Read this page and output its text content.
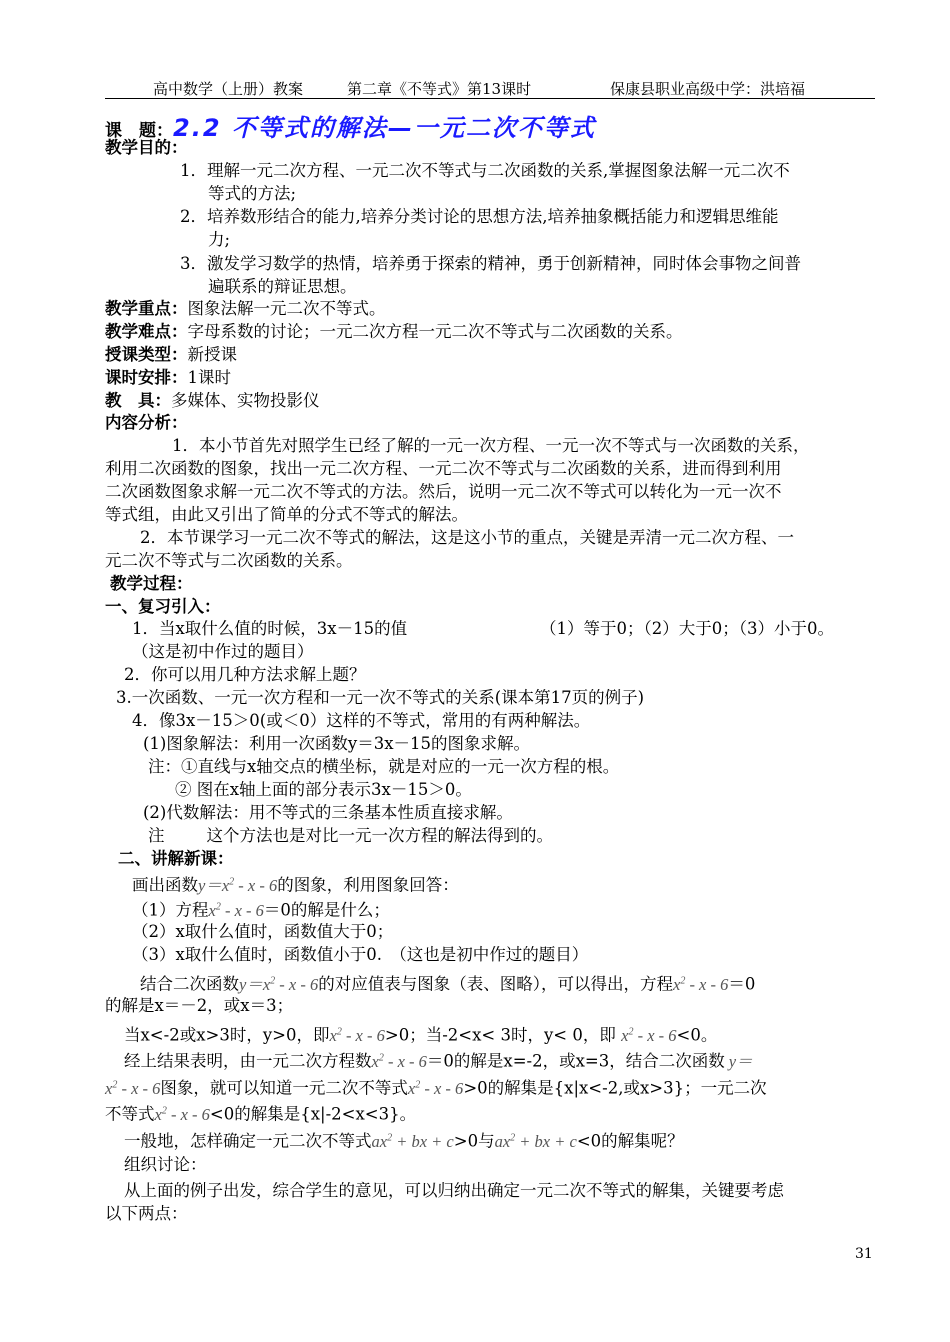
高中数学（上册）教案	第二章《不等式》第13课时	保康县职业高级中学：洪培福
课　题：2.2 不等式的解法—一元二次不等式
教学目的：
1．理解一元二次方程、一元二次不等式与二次函数的关系,掌握图象法解一元二次不
等式的方法;
2．培养数形结合的能力,培养分类讨论的思想方法,培养抽象概括能力和逻辑思维能
力;
3．激发学习数学的热情，培养勇于探索的精神，勇于创新精神，同时体会事物之间普
遍联系的辩证思想。
教学重点：图象法解一元二次不等式。
教学难点：字母系数的讨论；一元二次方程一元二次不等式与二次函数的关系。
授课类型：新授课
课时安排：1课时
教　具：多媒体、实物投影仪
内容分析：
1．本小节首先对照学生已经了解的一元一次方程、一元一次不等式与一次函数的关系，
利用二次函数的图象，找出一元二次方程、一元二次不等式与二次函数的关系，进而得到利用
二次函数图象求解一元二次不等式的方法。然后，说明一元二次不等式可以转化为一元一次不
等式组，由此又引出了简单的分式不等式的解法。
2．本节课学习一元二次不等式的解法，这是这小节的重点，关键是弄清一元二次方程、一
元二次不等式与二次函数的关系。
教学过程：
一、复习引入：
1．当x取什么值的时候，3x－15的值	（1）等于0；（2）大于0；（3）小于0。
（这是初中作过的题目）
2．你可以用几种方法求解上题？
3.一次函数、一元一次方程和一元一次不等式的关系(课本第17页的例子)
4．像3x－15＞0(或＜0）这样的不等式，常用的有两种解法。
(1)图象解法：利用一次函数y＝3x－15的图象求解。
注：①直线与x轴交点的横坐标，就是对应的一元一次方程的根。
② 图在x轴上面的部分表示3x－15＞0。
(2)代数解法：用不等式的三条基本性质直接求解。
注	这个方法也是对比一元一次方程的解法得到的。
二、讲解新课：
画出函数$y=x^2 - x - 6$的图象，利用图象回答：
（1）方程$x^2 - x - 6=0$的解是什么；
（2）x取什么值时，函数值大于0；
（3）x取什么值时，函数值小于0.　（这也是初中作过的题目）
结合二次函数$y=x^2 - x - 6$的对应值表与图象（表、图略），可以得出，方程$x^2 - x - 6=0$
的解是x＝－2，或x＝3；
当x<-2或x>3时，y>0，即$x^2 - x - 6>0$；当-2<x< 3时，y< 0，即 $x^2 - x - 6<0$。
经上结果表明，由一元二次方程数$x^2 - x - 6=0$的解是x=-2，或x=3，结合二次函数 y＝
$x^2$ - x - 6图象，就可以知道一元二次不等式$x^2 - x - 6>0$的解集是{x|x<-2,或x>3}；一元二次
不等式$x^2 - x - 6<0$的解集是{x|-2<x<3}。
一般地，怎样确定一元二次不等式$ax^2$ + bx + c>0与$ax^2$ + bx + c<0的解集呢？
组织讨论：
从上面的例子出发，综合学生的意见，可以归纳出确定一元二次不等式的解集，关键要考虑
以下两点：
31
